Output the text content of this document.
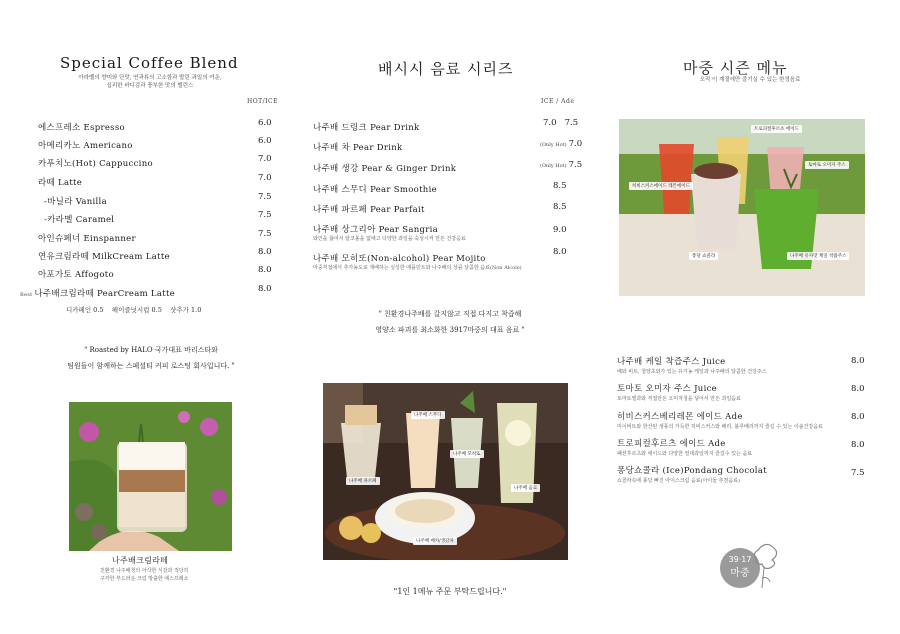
Special Coffee Blend
아라벨의 향미와 단맛, 연과류의 고소함과 발린 과일의 여운,
십리한 바디감과 풍부한 맛의 밸런스
HOT/ICE
에스프레소 Espresso	6.0
아메리카노 Americano	6.0
카푸치노(Hot) Cappuccino	7.0
라떼 Latte	7.0
-바닐라 Vanilla	7.5
-카라멜 Caramel	7.5
아인슈페너 Einspanner	7.5
연유크림라떼 MilkCream Latte	8.0
아포가토 Affogoto	8.0
Best 나주배크림라떼 PearCream Latte	8.0
디카페인 0.5    헤이즐넛시럽 0.5    샷추가 1.0
" Roasted by HALO 국가대표 바리스타와
팀원들이 함께하는 스페셜티 커피 로스팅 회사입니다. "
나주배크림라떼
친환경 나주배청의 아삭한 식감과 적당히
구각한 부드러운 크림 방출한 에스프레소
배시시 음료 시리즈
ICE / Ade
나주배 드링크 Pear Drink	7.0   7.5
나주배 차 Pear Drink	(Only Hot) 7.0
나주배 생강 Pear & Ginger Drink	(Only Hot) 7.5
나주배 스무디 Pear Smoothie	8.5
나주배 파르페 Pear Parfait	8.5
나주배 상그리아 Pear Sangria
와인을 끓여서 알코올을 없애고 다양한 과일을 숙성시켜 만든 건강음료
9.0
나주배 모히또(Non-alcohol) Pear Mojito
마중직접에서 추가농도로 재배하는 싱싱한 애플민트와 나주배의 상큼 달콤한 음료(Non Alcole)
8.0
" 친환경나주배를 갈지않고 직접 다지고 착즙해
영양소 파괴를 최소화한 3917마중의 대표 음료 "
나주배 파르페
나주배 스무디
나주배 모히또
나주배 음료
나주배 배차/생강차
"1인 1메뉴 주문 부탁드립니다."
마중 시즌 메뉴
오직 이 계절에만 즐기실 수 있는 한정음료
히비스커스에이드 레몬에이드
트로피컬후르츠 에이드
토마토 오미자 주스
퐁당 쇼콜라	나주배 유자맛 케일 착즙주스
나주배 케일 착즙주스 Juice
배와 비트, 청양초와가 있는 유기농 케일과 나주배의 달콤한 건강주스
8.0
토마토 오미자 주스 Juice
토마토엘과와 직접만든 오미자청을 넣어서 만든 과일음료
8.0
히비스커스베리레몬 에이드 Ade
미이버트와 한산된 생풍의 가득한 히비스커스와 배리, 블루베리까지 즐길 수 있는 이솔건강음료
8.0
트로피컬후르츠 에이드 Ade
패션후르츠와 애이드와 다양한 열대과일까지 즐길수 있는 음료
8.0
퐁당쇼콜라 (Ice)Pondang Chocolat
쇼콜라속에 퐁당 빠진 아이스크림 음료(아이들 추천음료)
7.5
39·17
마중
